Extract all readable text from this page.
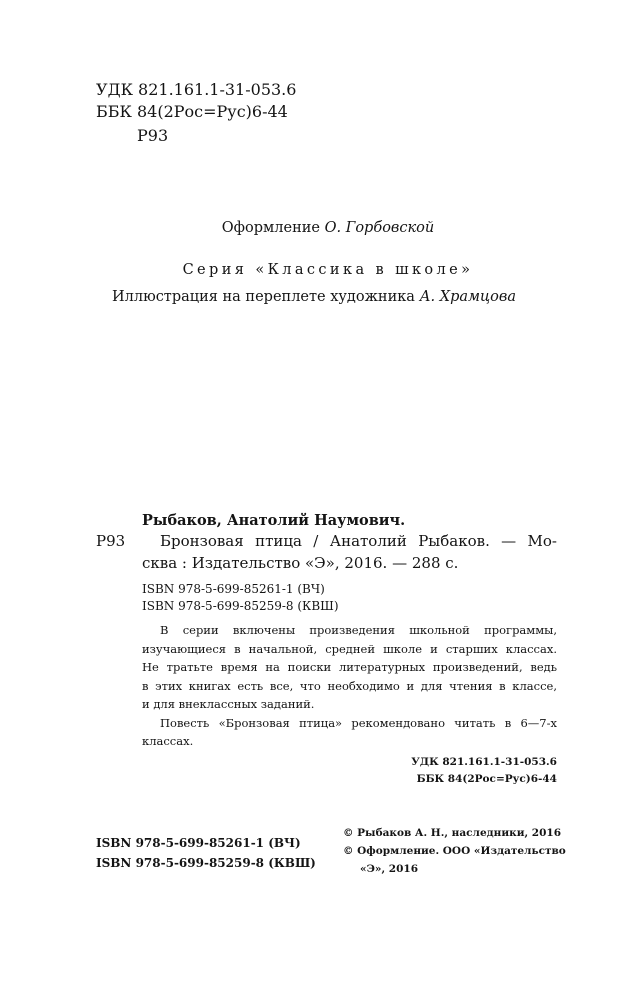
УДК 821.161.1-31-053.6
ББК 84(2Рос=Рус)6-44
Р93
Оформление О. Горбовской
Серия «Классика в школе»
Иллюстрация на переплете художника А. Храмцова
Рыбаков, Анатолий Наумович.
Р93 Бронзовая птица / Анатолий Рыбаков. — Мо-
сква : Издательство «Э», 2016. — 288 с.
ISBN 978-5-699-85261-1 (ВЧ)
ISBN 978-5-699-85259-8 (КВШ)
В серии включены произведения школьной программы,
изучающиеся в начальной, средней школе и старших классах.
Не тратьте время на поиски литературных произведений, ведь
в этих книгах есть все, что необходимо и для чтения в классе,
и для внеклассных заданий.
Повесть «Бронзовая птица» рекомендовано читать в 6—7-х
классах.
УДК 821.161.1-31-053.6
ББК 84(2Рос=Рус)6-44
ISBN 978-5-699-85261-1 (ВЧ)
ISBN 978-5-699-85259-8 (КВШ)
© Рыбаков А. Н., наследники, 2016
© Оформление. ООО «Издательство
«Э», 2016
